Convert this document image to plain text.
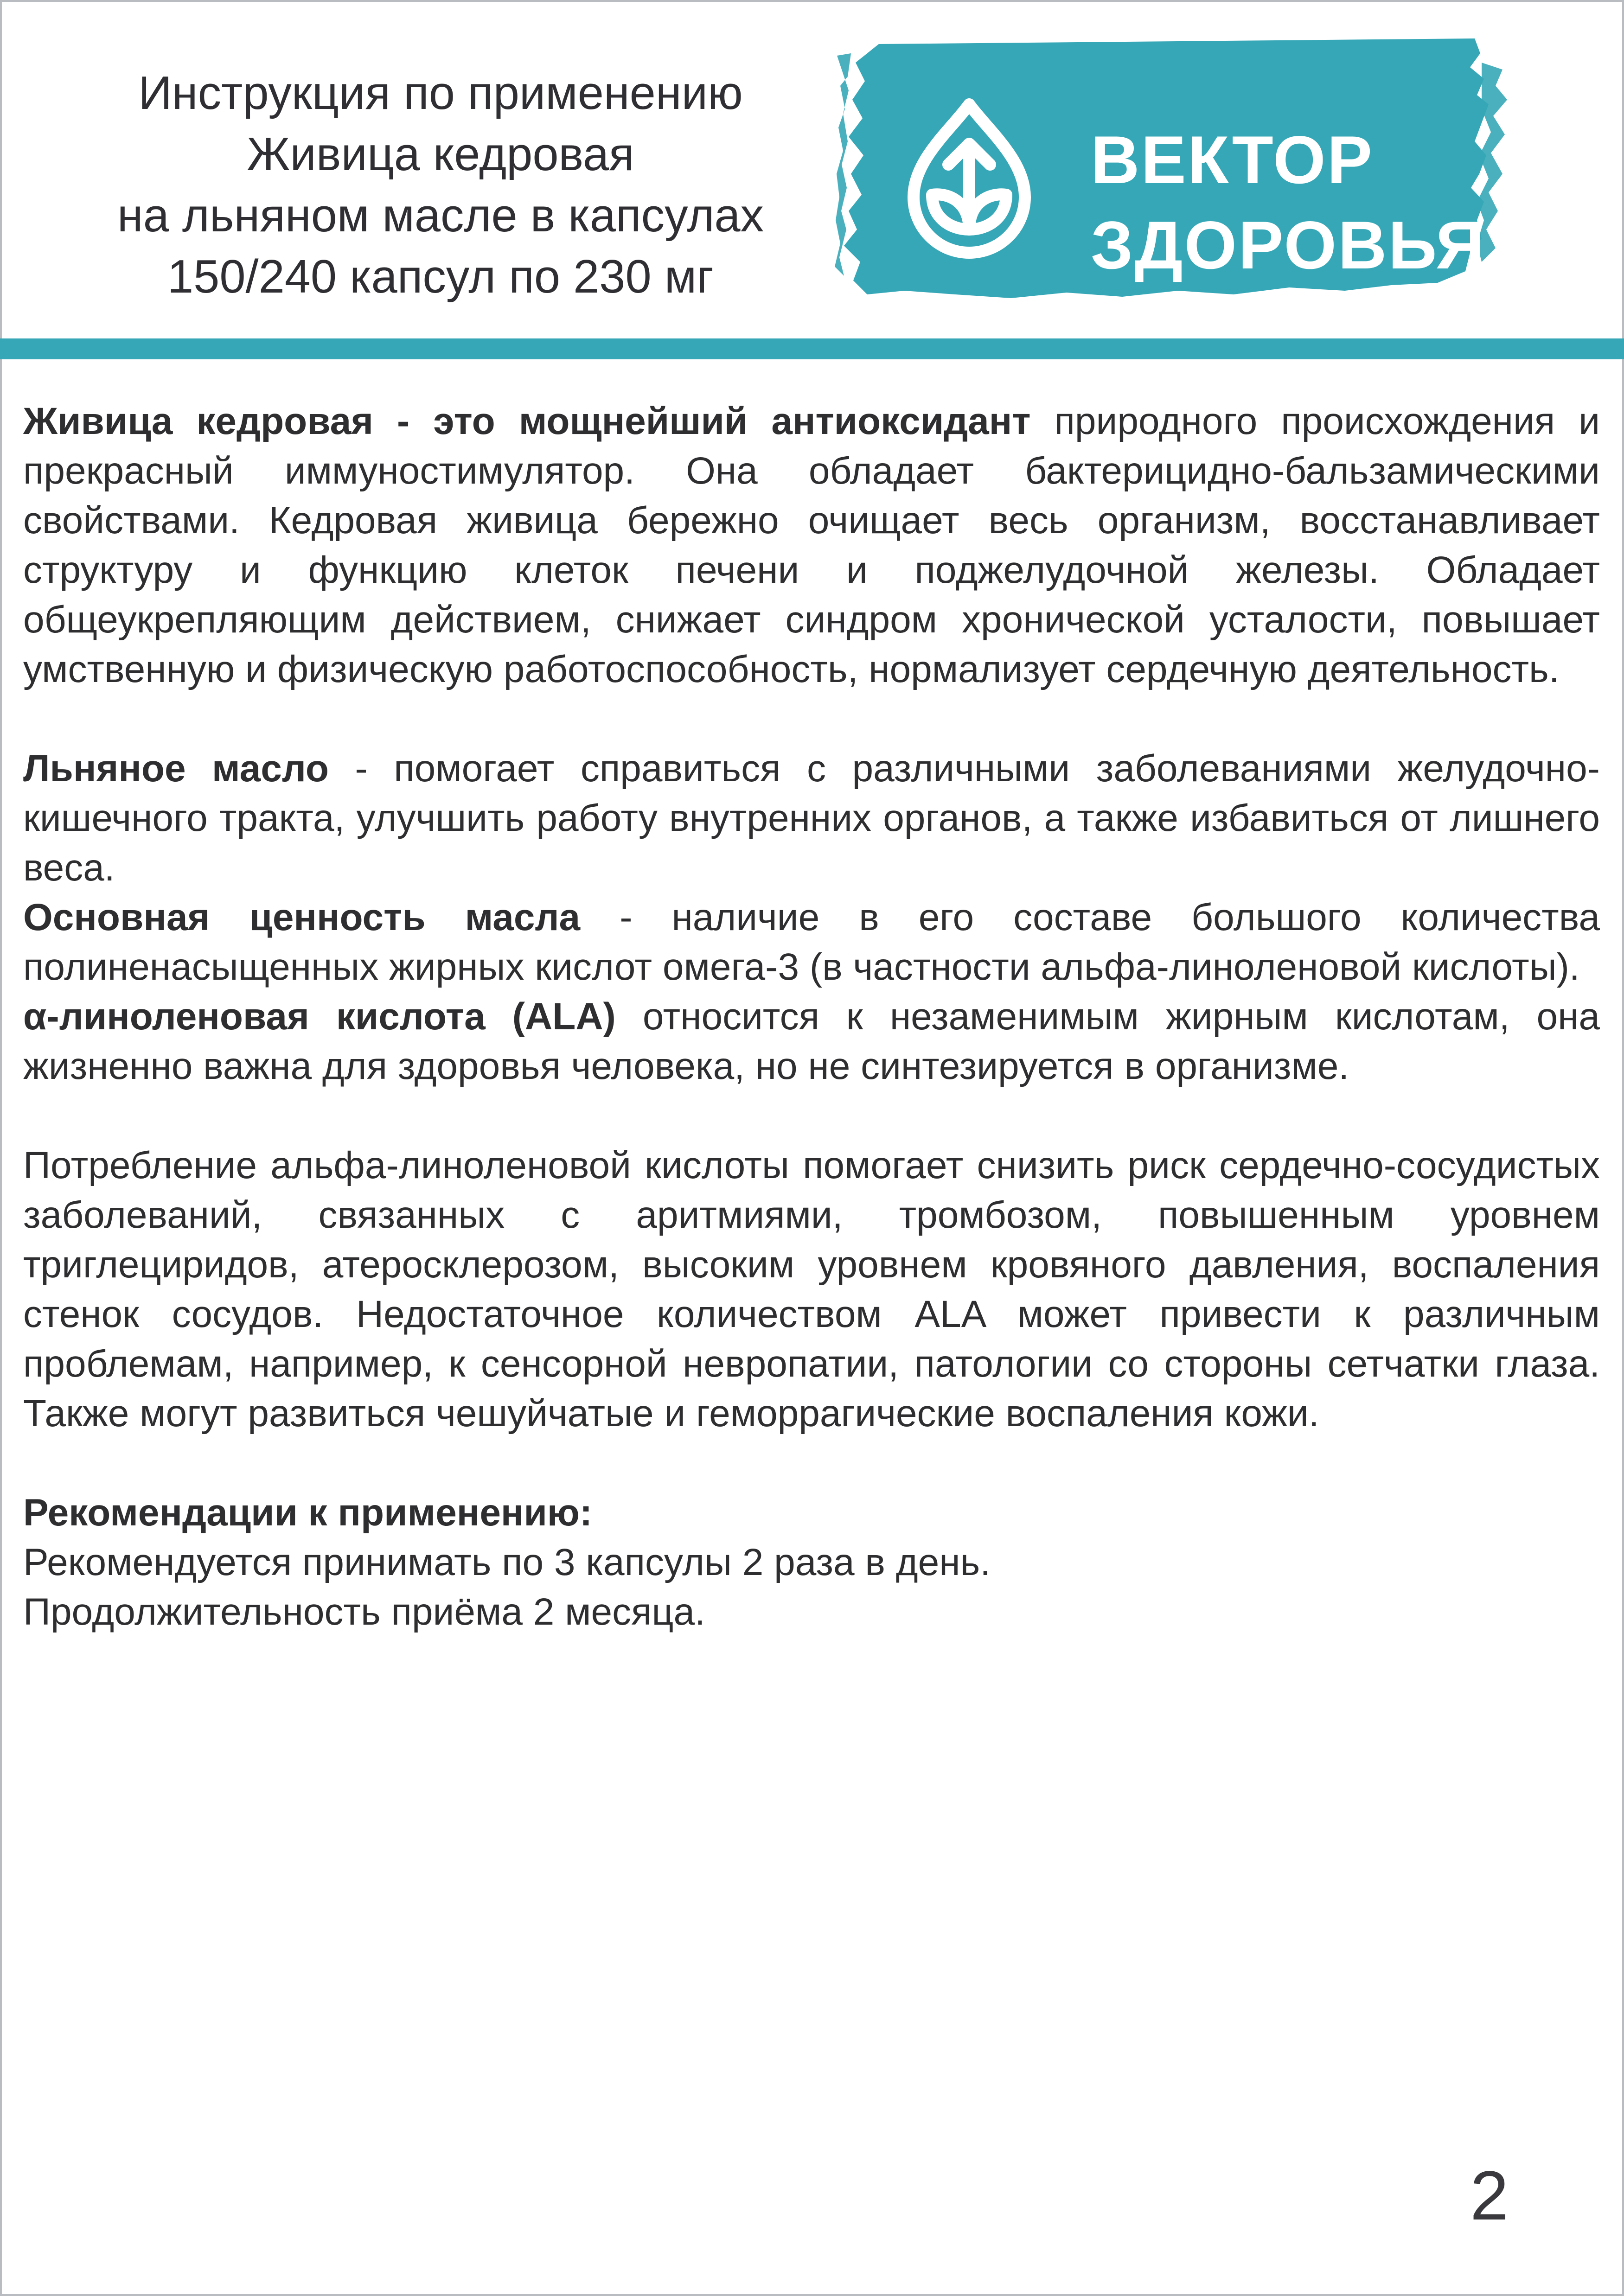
Инструкция по применению
Живица кедровая
на льняном масле в капсулах
150/240 капсул по 230 мг
ВЕКТОР
ЗДОРОВЬЯ

Живица кедровая - это мощнейший антиоксидант природного происхождения и прекрасный иммуностимулятор. Она обладает бактерицидно-бальзамическими свойствами. Кедровая живица бережно очищает весь организм, восстанавливает структуру и функцию клеток печени и поджелудочной железы. Обладает общеукрепляющим действием, снижает синдром хронической усталости, повышает умственную и физическую работоспособность, нормализует сердечную деятельность.

Льняное масло - помогает справиться с различными заболеваниями желудочно-кишечного тракта, улучшить работу внутренних органов, а также избавиться от лишнего веса.

Основная ценность масла - наличие в его составе большого количества полиненасыщенных жирных кислот омега-3 (в частности альфа-линоленовой кислоты).

α-линоленовая кислота (ALA) относится к незаменимым жирным кислотам, она жизненно важна для здоровья человека, но не синтезируется в организме.

Потребление альфа-линоленовой кислоты помогает снизить риск сердечно-сосудистых заболеваний, связанных с аритмиями, тромбозом, повышенным уровнем триглециридов, атеросклерозом, высоким уровнем кровяного давления, воспаления стенок сосудов. Недостаточное количеством ALA может привести к различным проблемам, например, к сенсорной невропатии, патологии со стороны сетчатки глаза. Также могут развиться чешуйчатые и геморрагические воспаления кожи.

Рекомендации к применению:

Рекомендуется принимать по 3 капсулы 2 раза в день.

Продолжительность приёма 2 месяца.

2
